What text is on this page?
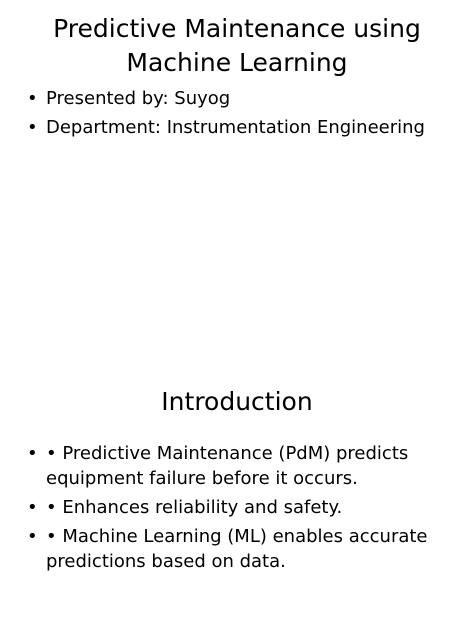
Predictive Maintenance using Machine Learning
• Presented by: Suyog
• Department: Instrumentation Engineering
Introduction
• • Predictive Maintenance (PdM) predicts equipment failure before it occurs.
• • Enhances reliability and safety.
• • Machine Learning (ML) enables accurate predictions based on data.
